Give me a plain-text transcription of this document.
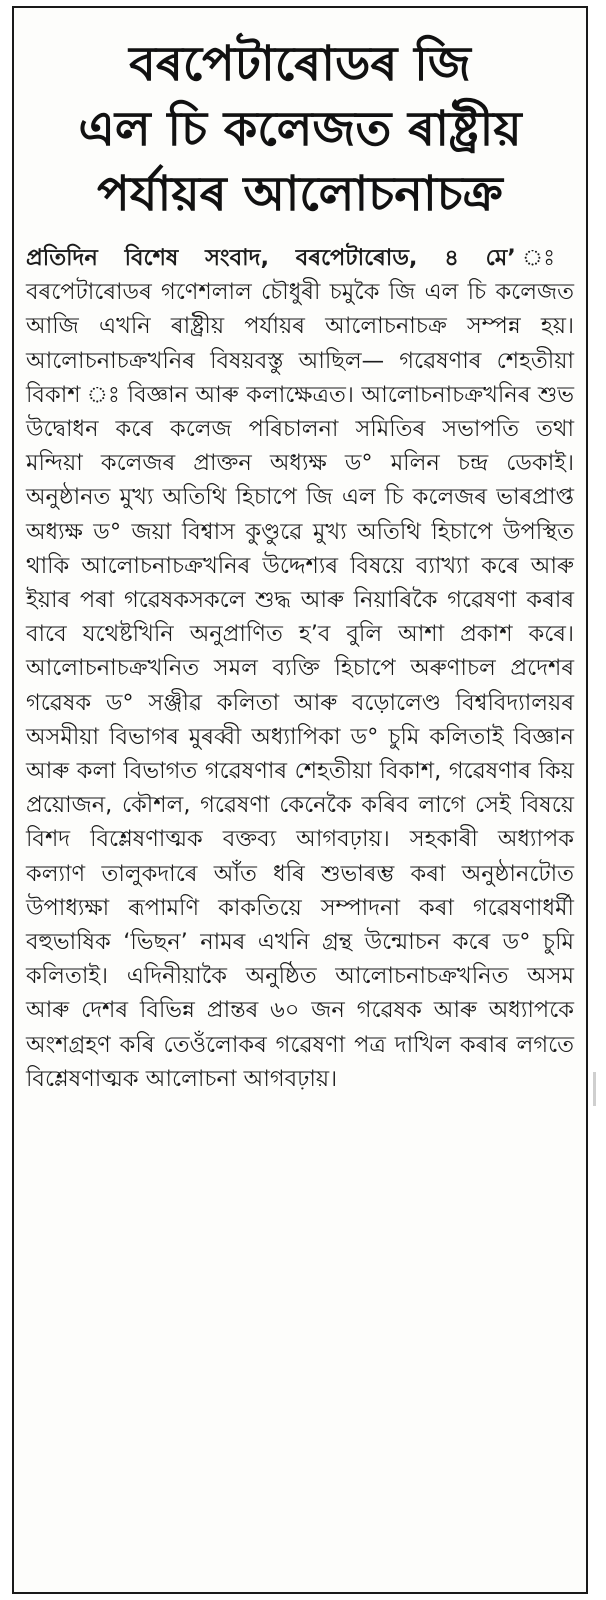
বৰপেটাৰোডৰ জি
এল চি কলেজত ৰাষ্ট্ৰীয়
পৰ্যায়ৰ আলোচনাচক্ৰ
প্ৰতিদিন বিশেষ সংবাদ, বৰপেটাৰোড, ৪ মে’ বৰপেটাৰোডৰ গণেশলাল চৌধুৰী চমুকৈ জি এল চি কলেজত আজি এখনি ৰাষ্ট্ৰীয় পৰ্যায়ৰ আলোচনাচক্ৰ সম্পন্ন হয়। আলোচনাচক্ৰখনিৰ বিষয়বস্তু আছিল— গৱেষণাৰ শেহতীয়া বিকাশ ঃ বিজ্ঞান আৰু কলাক্ষেত্ৰত। আলোচনাচক্ৰখনিৰ শুভ উদ্বোধন কৰে কলেজ পৰিচালনা সমিতিৰ সভাপতি তথা মন্দিয়া কলেজৰ প্ৰাক্তন অধ্যক্ষ ড° মলিন চন্দ্ৰ ডেকাই। অনুষ্ঠানত মুখ্য অতিথি হিচাপে জি এল চি কলেজৰ ভাৰপ্ৰাপ্ত অধ্যক্ষ ড° জয়া বিশ্বাস কুণ্ডুৱে মুখ্য অতিথি হিচাপে উপস্থিত থাকি আলোচনাচক্ৰখনিৰ উদ্দেশ্যৰ বিষয়ে ব্যাখ্যা কৰে আৰু ইয়াৰ পৰা গৱেষকসকলে শুদ্ধ আৰু নিয়াৰিকৈ গৱেষণা কৰাৰ বাবে যথেষ্টখিনি অনুপ্ৰাণিত হ’ব বুলি আশা প্ৰকাশ কৰে। আলোচনাচক্ৰখনিত সমল ব্যক্তি হিচাপে অৰুণাচল প্ৰদেশৰ গৱেষক ড° সঞ্জীৱ কলিতা আৰু বড়োলেণ্ড বিশ্ববিদ্যালয়ৰ অসমীয়া বিভাগৰ মুৰব্বী অধ্যাপিকা ড° চুমি কলিতাই বিজ্ঞান আৰু কলা বিভাগত গৱেষণাৰ শেহতীয়া বিকাশ, গৱেষণাৰ কিয় প্ৰয়োজন, কৌশল, গৱেষণা কেনেকৈ কৰিব লাগে সেই বিষয়ে বিশদ বিশ্লেষণাত্মক বক্তব্য আগবঢ়ায়। সহকাৰী অধ্যাপক কল্যাণ তালুকদাৰে আঁত ধৰি শুভাৰম্ভ কৰা অনুষ্ঠানটোত উপাধ্যক্ষা ৰূপামণি কাকতিয়ে সম্পাদনা কৰা গৱেষণাধৰ্মী বহুভাষিক ‘ভিছন’ নামৰ এখনি গ্ৰন্থ উন্মোচন কৰে ড° চুমি কলিতাই। এদিনীয়াকৈ অনুষ্ঠিত আলোচনাচক্ৰখনিত অসম আৰু দেশৰ বিভিন্ন প্ৰান্তৰ ৬০ জন গৱেষক আৰু অধ্যাপকে অংশগ্ৰহণ কৰি তেওঁলোকৰ গৱেষণা পত্ৰ দাখিল কৰাৰ লগতে বিশ্লেষণাত্মক আলোচনা আগবঢ়ায়।
